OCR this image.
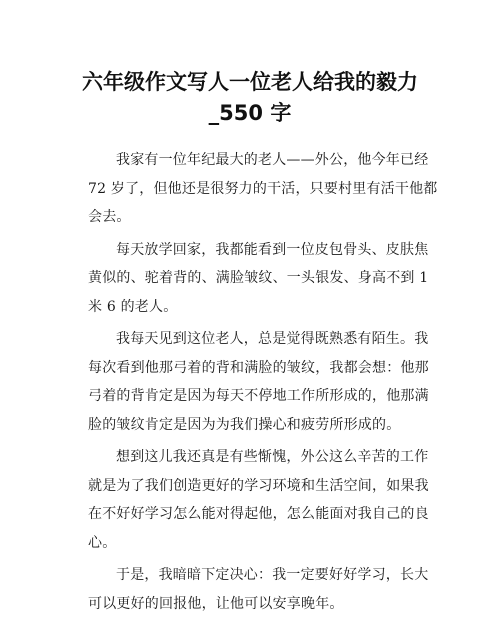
六年级作文写人一位老人给我的毅力
_550 字
我家有一位年纪最大的老人——外公，他今年已经
72 岁了，但他还是很努力的干活，只要村里有活干他都
会去。
每天放学回家，我都能看到一位皮包骨头、皮肤焦
黄似的、驼着背的、满脸皱纹、一头银发、身高不到 1
米 6 的老人。
我每天见到这位老人，总是觉得既熟悉有陌生。我
每次看到他那弓着的背和满脸的皱纹，我都会想：他那
弓着的背肯定是因为每天不停地工作所形成的，他那满
脸的皱纹肯定是因为为我们操心和疲劳所形成的。
想到这儿我还真是有些惭愧，外公这么辛苦的工作
就是为了我们创造更好的学习环境和生活空间，如果我
在不好好学习怎么能对得起他，怎么能面对我自己的良
心。
于是，我暗暗下定决心：我一定要好好学习，长大
可以更好的回报他，让他可以安享晚年。
